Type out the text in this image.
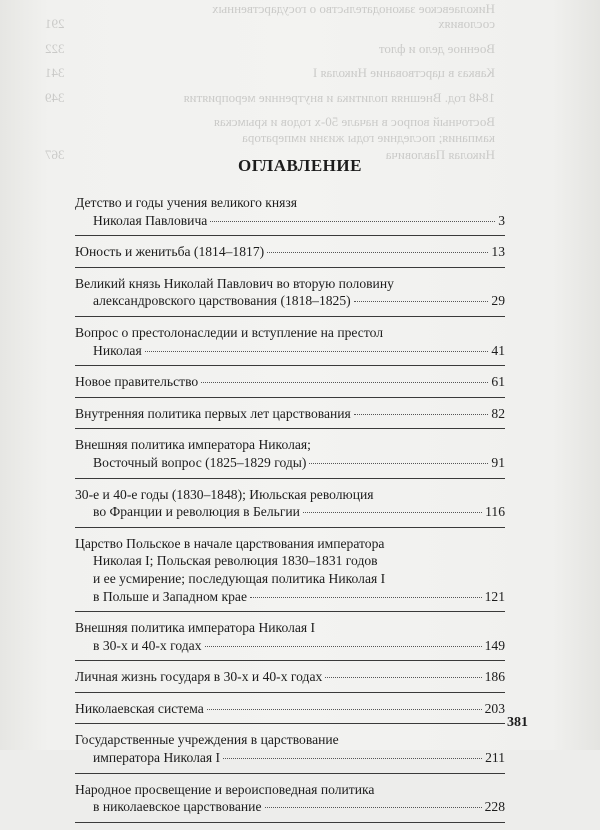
Николаевское законодательство о государственных
сословиях
291
Военное дело и флот
322
Кавказ в царствование Николая I
341
1848 год. Внешняя политика и внутренние мероприятия
349
Восточный вопрос в начале 50-х годов и крымская
кампания; последние годы жизни императора
Николая Павловича
367
ОГЛАВЛЕНИЕ
Детство и годы учения великого князя
Николая Павловича	3
Юность и женитьба (1814–1817)	13
Великий князь Николай Павлович во вторую половину
александровского царствования (1818–1825)	29
Вопрос о престолонаследии и вступление на престол
Николая	41
Новое правительство	61
Внутренняя политика первых лет царствования	82
Внешняя политика императора Николая;
Восточный вопрос (1825–1829 годы)	91
30-е и 40-е годы (1830–1848); Июльская революция
во Франции и революция в Бельгии	116
Царство Польское в начале царствования императора
Николая I; Польская революция 1830–1831 годов
и ее усмирение; последующая политика Николая I
в Польше и Западном крае	121
Внешняя политика императора Николая I
в 30-х и 40-х годах	149
Личная жизнь государя в 30-х и 40-х годах	186
Николаевская система	203
Государственные учреждения в царствование
императора Николая I	211
Народное просвещение и вероисповедная политика
в николаевское царствование	228
381
